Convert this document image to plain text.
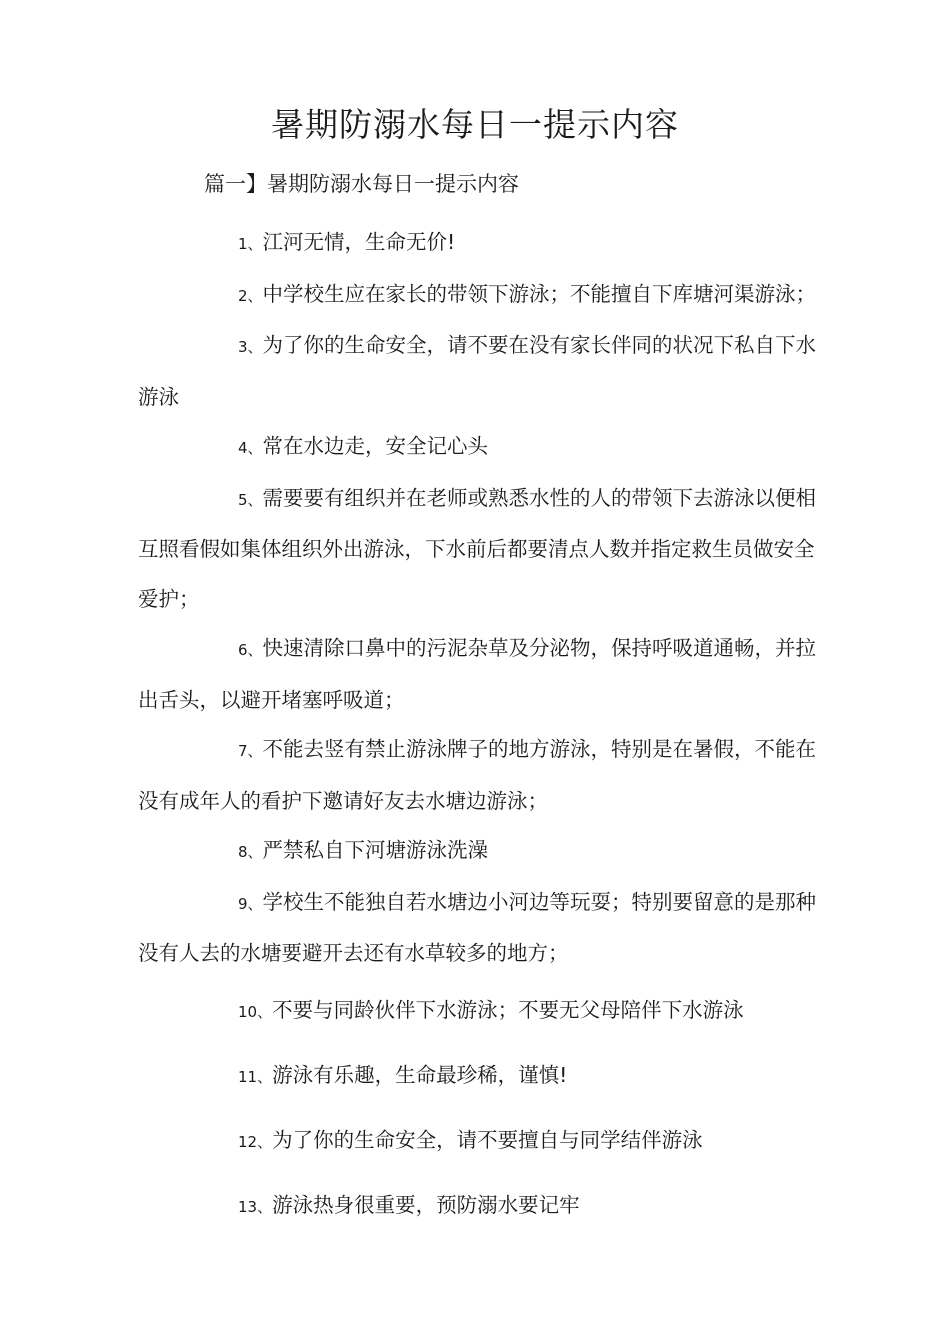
暑期防溺水每日一提示内容
篇一】暑期防溺水每日一提示内容

1、江河无情，生命无价!

2、中学校生应在家长的带领下游泳；不能擅自下库塘河渠游泳；

3、为了你的生命安全，请不要在没有家长伴同的状况下私自下水游泳

4、常在水边走，安全记心头

5、需要要有组织并在老师或熟悉水性的人的带领下去游泳以便相互照看假如集体组织外出游泳，下水前后都要清点人数并指定救生员做安全爱护；

6、快速清除口鼻中的污泥杂草及分泌物，保持呼吸道通畅，并拉出舌头，以避开堵塞呼吸道；

7、不能去竖有禁止游泳牌子的地方游泳，特别是在暑假，不能在没有成年人的看护下邀请好友去水塘边游泳；

8、严禁私自下河塘游泳洗澡

9、学校生不能独自若水塘边小河边等玩耍；特别要留意的是那种没有人去的水塘要避开去还有水草较多的地方；

10、不要与同龄伙伴下水游泳；不要无父母陪伴下水游泳

11、游泳有乐趣，生命最珍稀，谨慎!

12、为了你的生命安全，请不要擅自与同学结伴游泳

13、游泳热身很重要，预防溺水要记牢
